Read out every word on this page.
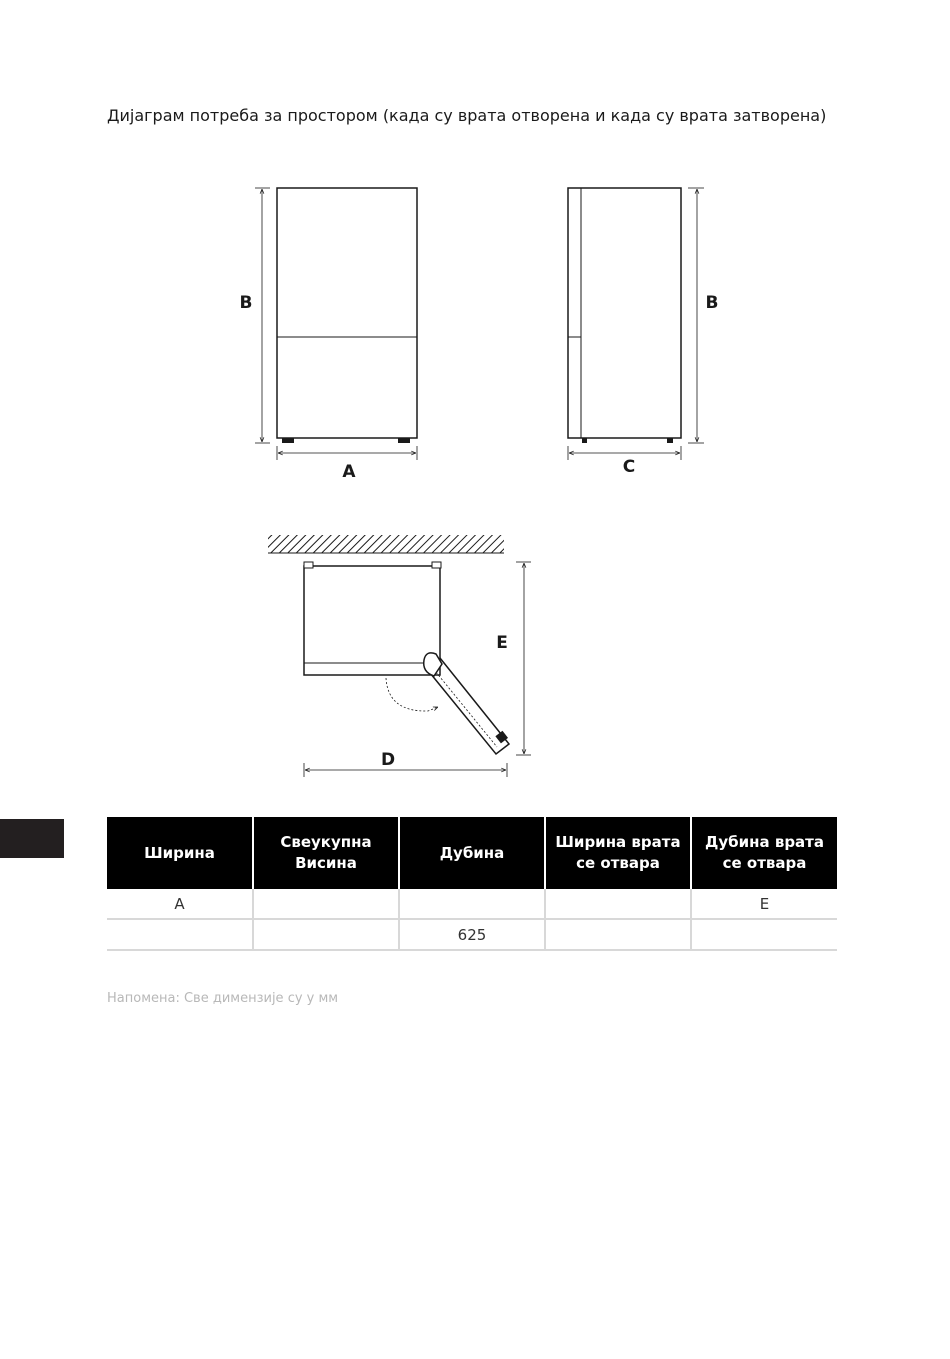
Дијаграм потреба за простором (када су врата отворена и када су врата затворена)

B
A
B
C
E
D
Ширина	Свеукупна Висина	Дубина	Ширина врата се отвара	Дубина врата се отвара
A				E
		625		

Напомена: Све димензије су у мм
